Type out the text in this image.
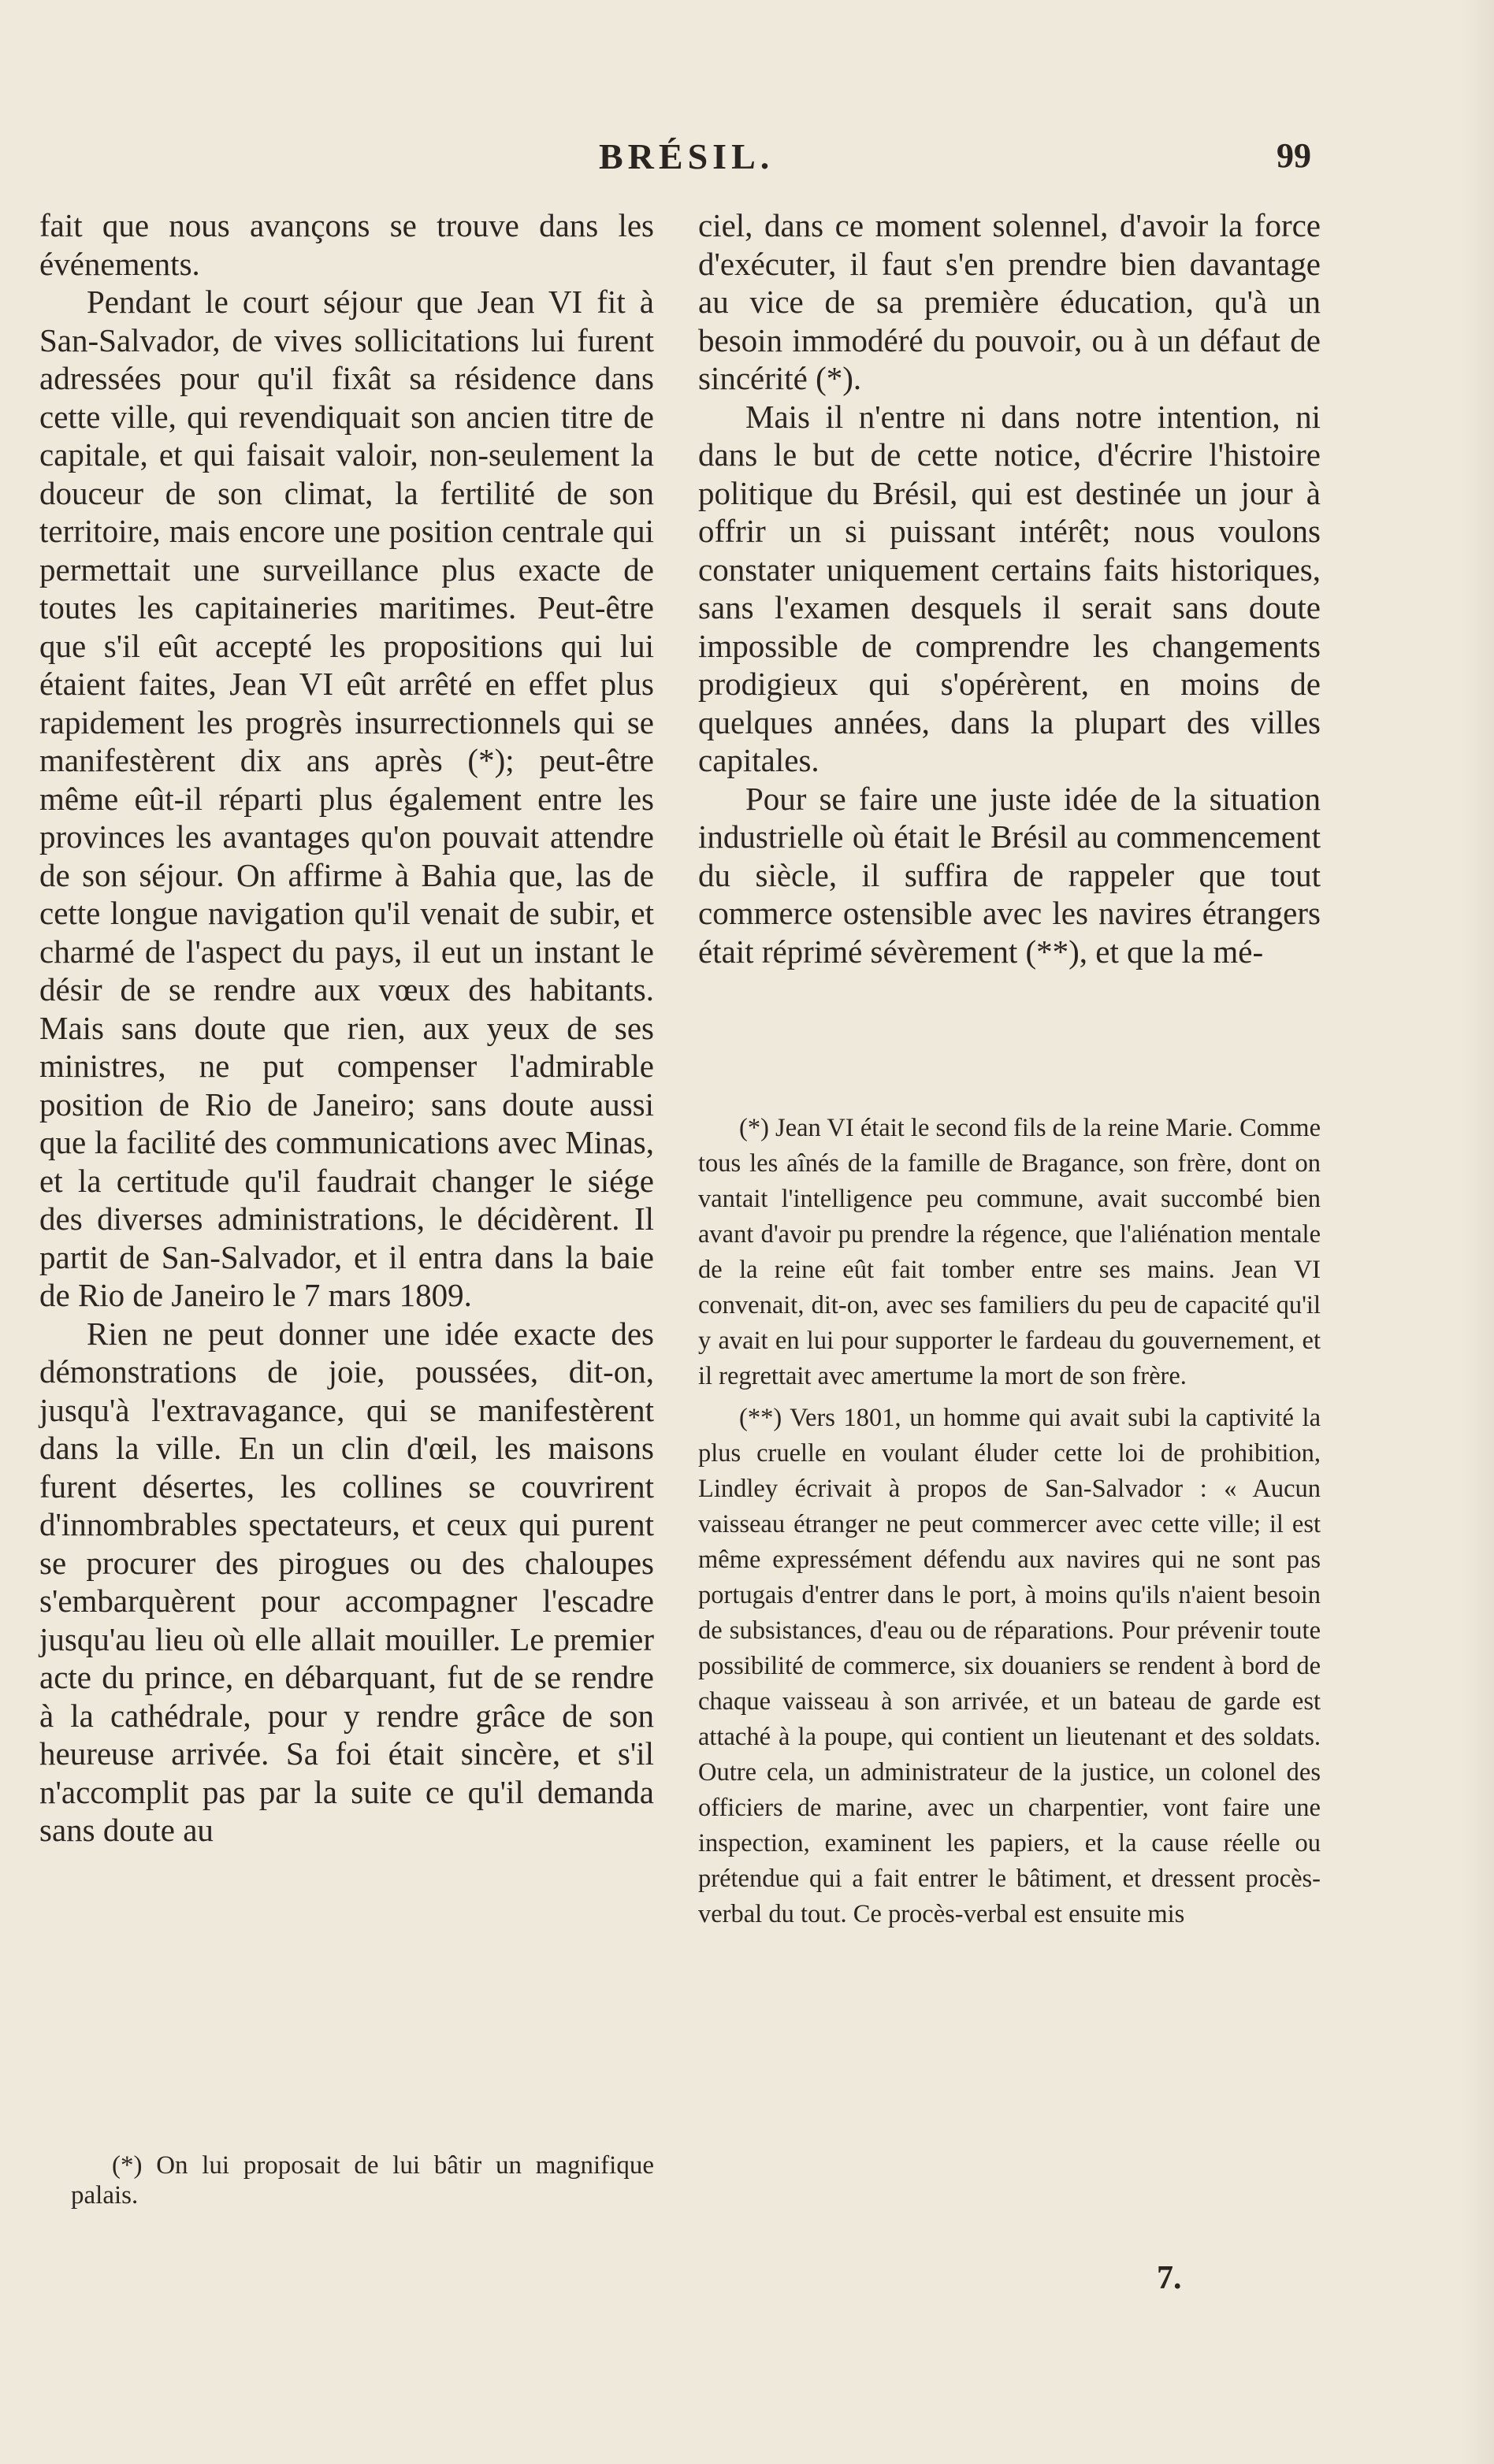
BRÉSIL.	99

fait que nous avançons se trouve dans les événements.

Pendant le court séjour que Jean VI fit à San-Salvador, de vives sollicitations lui furent adressées pour qu'il fixât sa résidence dans cette ville, qui revendiquait son ancien titre de capitale, et qui faisait valoir, non-seulement la douceur de son climat, la fertilité de son territoire, mais encore une position centrale qui permettait une surveillance plus exacte de toutes les capitaineries maritimes. Peut-être que s'il eût accepté les propositions qui lui étaient faites, Jean VI eût arrêté en effet plus rapidement les progrès insurrectionnels qui se manifestèrent dix ans après (*); peut-être même eût-il réparti plus également entre les provinces les avantages qu'on pouvait attendre de son séjour. On affirme à Bahia que, las de cette longue navigation qu'il venait de subir, et charmé de l'aspect du pays, il eut un instant le désir de se rendre aux vœux des habitants. Mais sans doute que rien, aux yeux de ses ministres, ne put compenser l'admirable position de Rio de Janeiro; sans doute aussi que la facilité des communications avec Minas, et la certitude qu'il faudrait changer le siége des diverses administrations, le décidèrent. Il partit de San-Salvador, et il entra dans la baie de Rio de Janeiro le 7 mars 1809.

Rien ne peut donner une idée exacte des démonstrations de joie, poussées, dit-on, jusqu'à l'extravagance, qui se manifestèrent dans la ville. En un clin d'œil, les maisons furent désertes, les collines se couvrirent d'innombrables spectateurs, et ceux qui purent se procurer des pirogues ou des chaloupes s'embarquèrent pour accompagner l'escadre jusqu'au lieu où elle allait mouiller. Le premier acte du prince, en débarquant, fut de se rendre à la cathédrale, pour y rendre grâce de son heureuse arrivée. Sa foi était sincère, et s'il n'accomplit pas par la suite ce qu'il demanda sans doute au

(*) On lui proposait de lui bâtir un magnifique palais.

ciel, dans ce moment solennel, d'avoir la force d'exécuter, il faut s'en prendre bien davantage au vice de sa première éducation, qu'à un besoin immodéré du pouvoir, ou à un défaut de sincérité (*).

Mais il n'entre ni dans notre intention, ni dans le but de cette notice, d'écrire l'histoire politique du Brésil, qui est destinée un jour à offrir un si puissant intérêt; nous voulons constater uniquement certains faits historiques, sans l'examen desquels il serait sans doute impossible de comprendre les changements prodigieux qui s'opérèrent, en moins de quelques années, dans la plupart des villes capitales.

Pour se faire une juste idée de la situation industrielle où était le Brésil au commencement du siècle, il suffira de rappeler que tout commerce ostensible avec les navires étrangers était réprimé sévèrement (**), et que la mé-

(*) Jean VI était le second fils de la reine Marie. Comme tous les aînés de la famille de Bragance, son frère, dont on vantait l'intelligence peu commune, avait succombé bien avant d'avoir pu prendre la régence, que l'aliénation mentale de la reine eût fait tomber entre ses mains. Jean VI convenait, dit-on, avec ses familiers du peu de capacité qu'il y avait en lui pour supporter le fardeau du gouvernement, et il regrettait avec amertume la mort de son frère.

(**) Vers 1801, un homme qui avait subi la captivité la plus cruelle en voulant éluder cette loi de prohibition, Lindley écrivait à propos de San-Salvador : « Aucun vaisseau étranger ne peut commercer avec cette ville; il est même expressément défendu aux navires qui ne sont pas portugais d'entrer dans le port, à moins qu'ils n'aient besoin de subsistances, d'eau ou de réparations. Pour prévenir toute possibilité de commerce, six douaniers se rendent à bord de chaque vaisseau à son arrivée, et un bateau de garde est attaché à la poupe, qui contient un lieutenant et des soldats. Outre cela, un administrateur de la justice, un colonel des officiers de marine, avec un charpentier, vont faire une inspection, examinent les papiers, et la cause réelle ou prétendue qui a fait entrer le bâtiment, et dressent procès-verbal du tout. Ce procès-verbal est ensuite mis

7.
